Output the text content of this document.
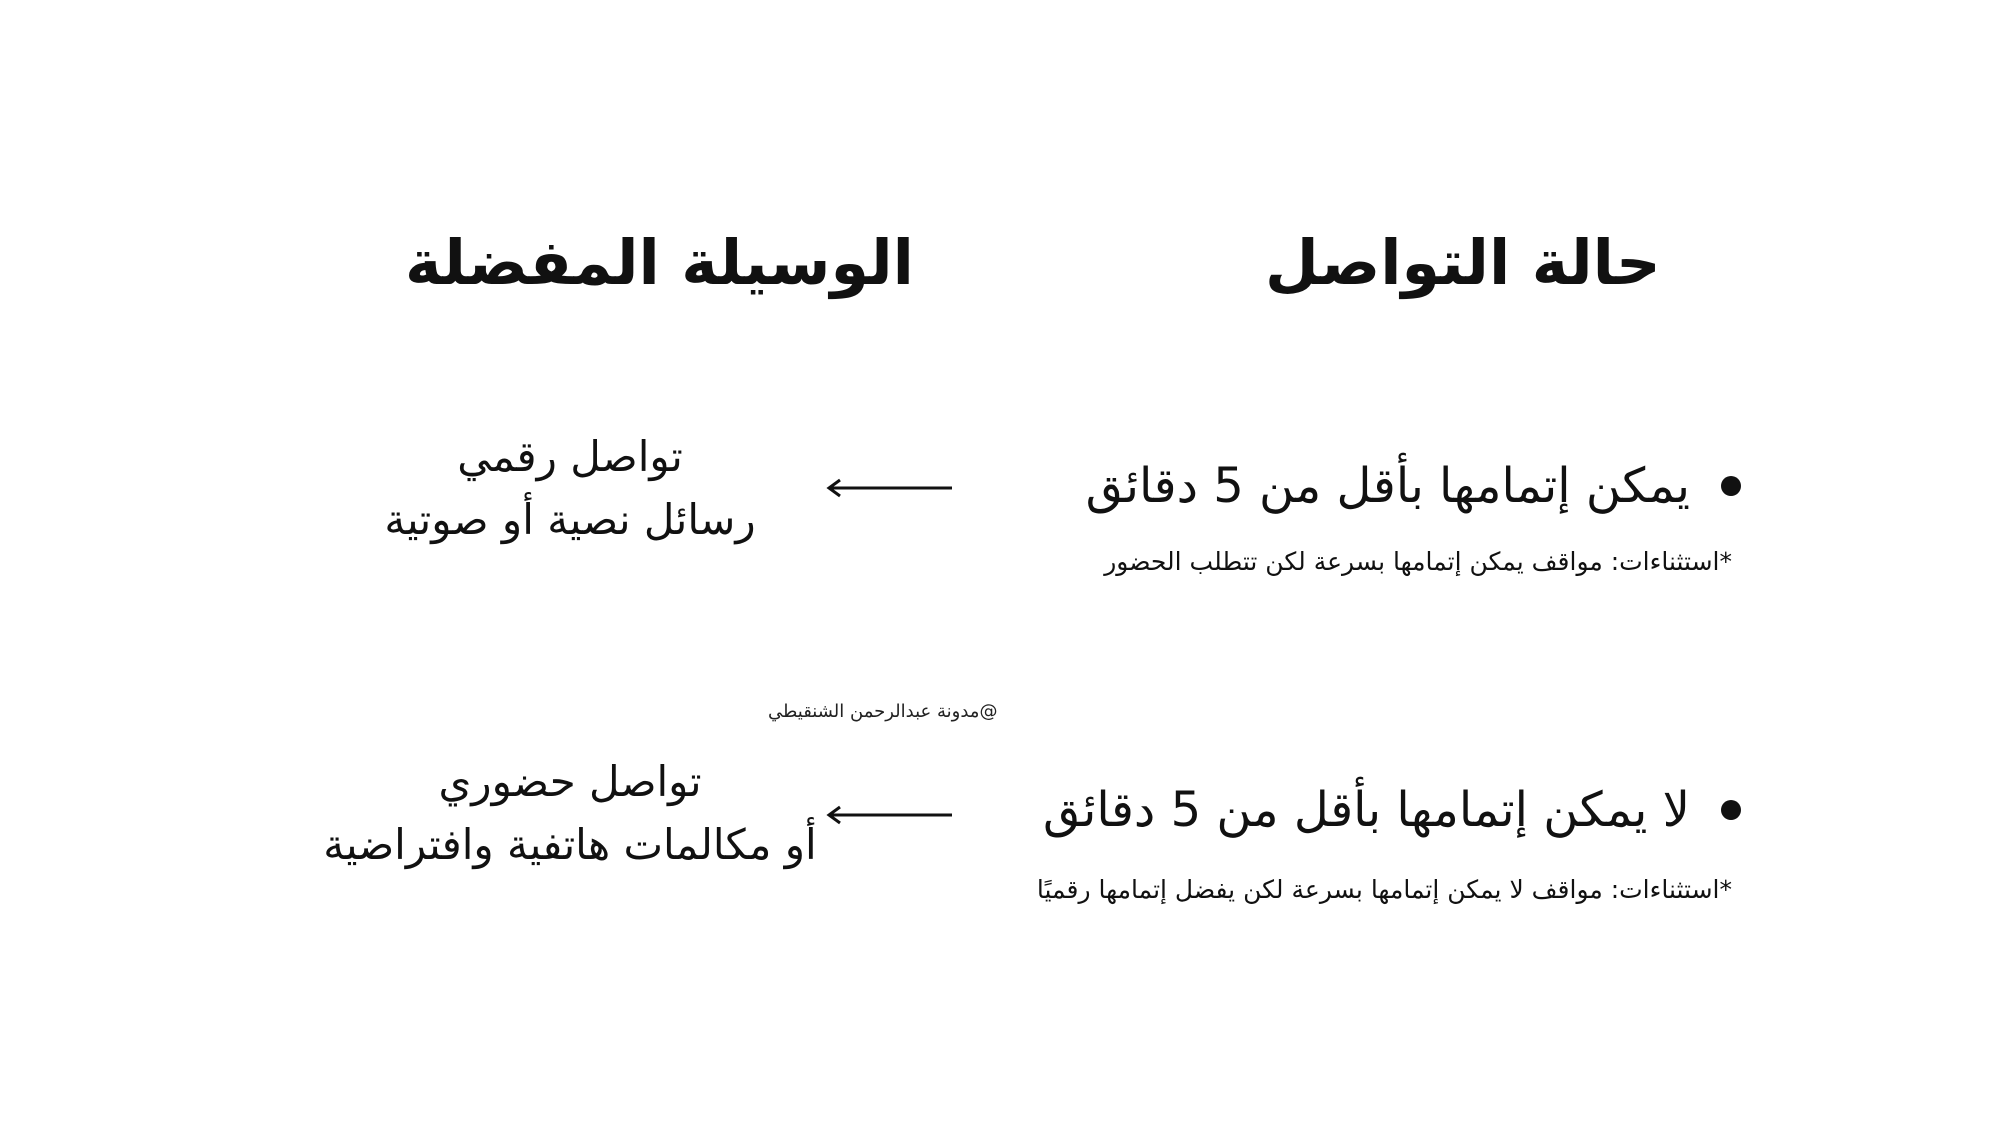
حالة التواصل
الوسيلة المفضلة
يمكن إتمامها بأقل من 5 دقائق
*استثناءات: مواقف يمكن إتمامها بسرعة لكن تتطلب الحضور
تواصل رقمي
رسائل نصية أو صوتية
@مدونة عبدالرحمن الشنقيطي
لا يمكن إتمامها بأقل من 5 دقائق
*استثناءات: مواقف لا يمكن إتمامها بسرعة لكن يفضل إتمامها رقميًا
تواصل حضوري
أو مكالمات هاتفية وافتراضية
